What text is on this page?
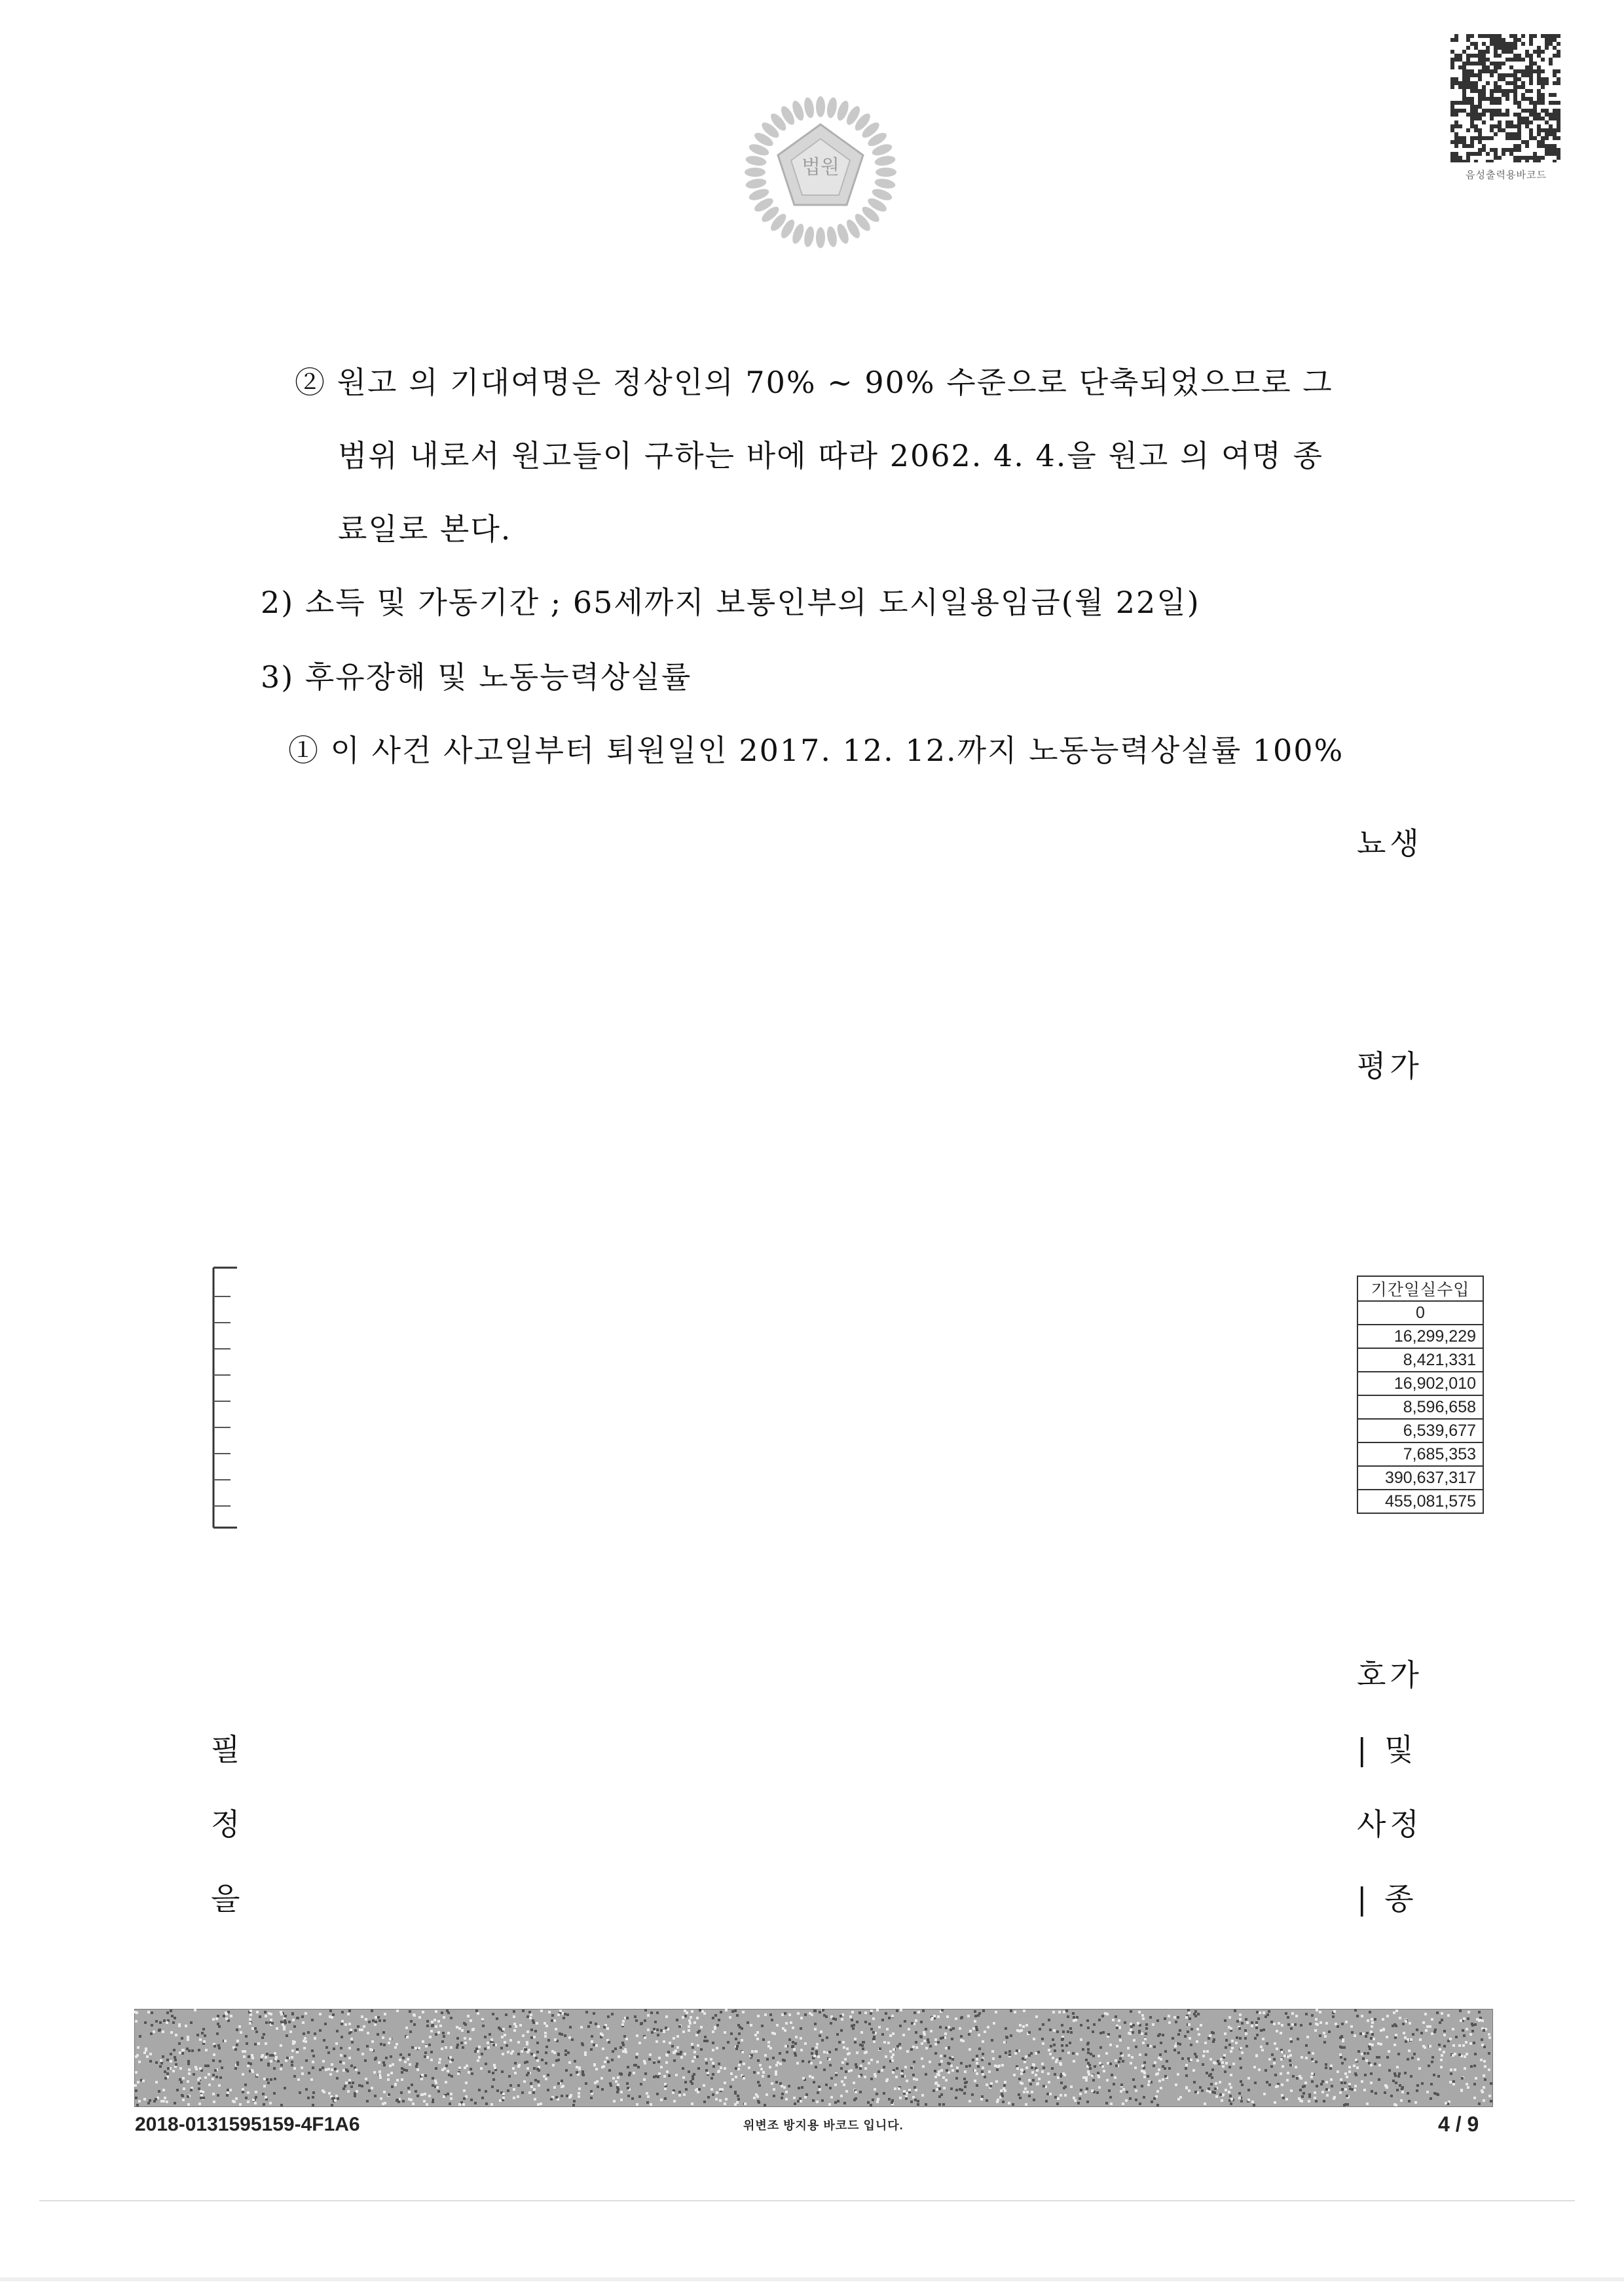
법원	음성출력용바코드
② 원고 의 기대여명은 정상인의 70% ~ 90% 수준으로 단축되었으므로 그
범위 내로서 원고들이 구하는 바에 따라 2062. 4. 4.을 원고 의 여명 종
료일로 본다.
2) 소득 및 가동기간 ; 65세까지 보통인부의 도시일용임금(월 22일)
3) 후유장해 및 노동능력상실률
① 이 사건 사고일부터 퇴원일인 2017. 12. 12.까지 노동능력상실률 100%
뇨생
평가
호가
| 및
사정
| 종
필
정
을
기간일실수입
0
16,299,229
8,421,331
16,902,010
8,596,658
6,539,677
7,685,353
390,637,317
455,081,575
2018-0131595159-4F1A6	위변조 방지용 바코드 입니다.	4 / 9
